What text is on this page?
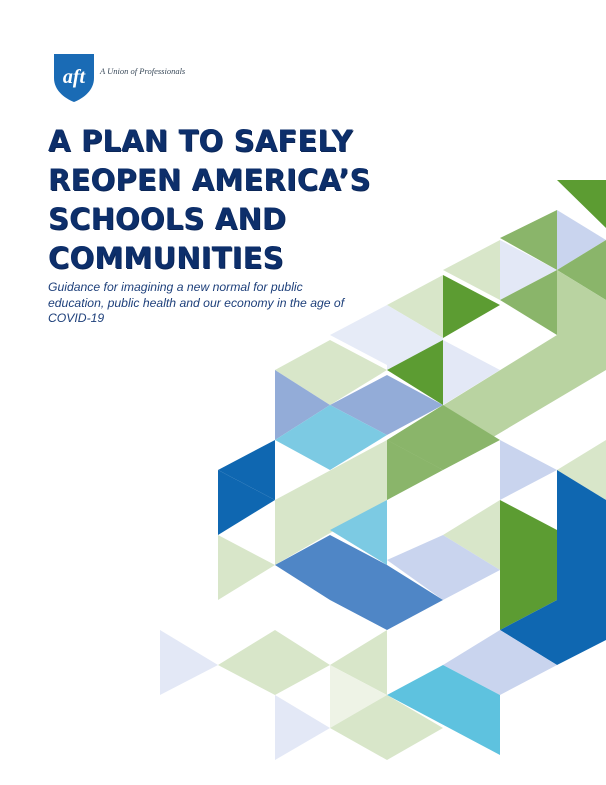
aft A Union of Professionals
A PLAN TO SAFELY
REOPEN AMERICA’S
SCHOOLS AND
COMMUNITIES

Guidance for imagining a new normal for public education, public health and our economy in the age of COVID-19
